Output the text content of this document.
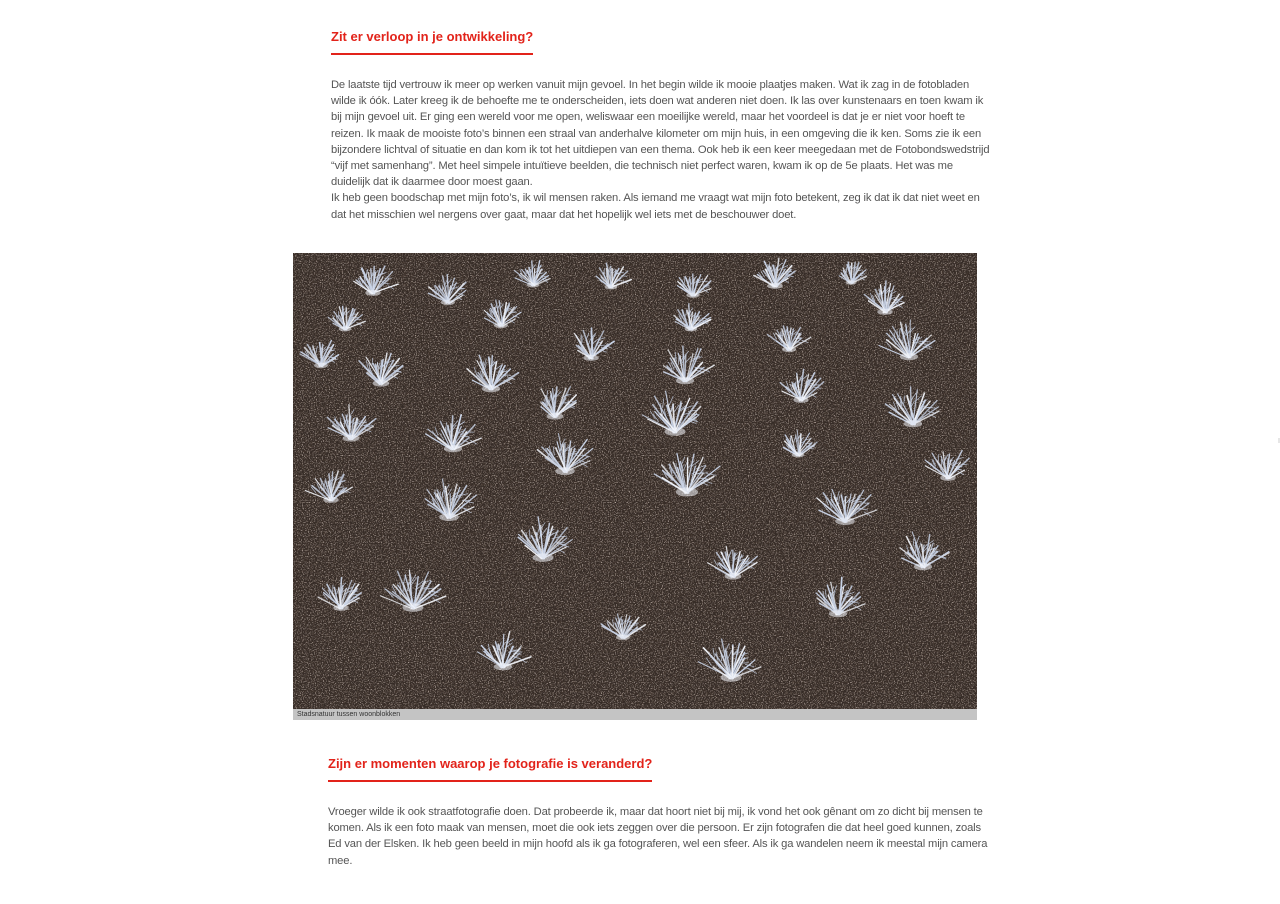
Zit er verloop in je ontwikkeling?

De laatste tijd vertrouw ik meer op werken vanuit mijn gevoel. In het begin wilde ik mooie plaatjes maken. Wat ik zag in de fotobladen wilde ik óók. Later kreeg ik de behoefte me te onderscheiden, iets doen wat anderen niet doen. Ik las over kunstenaars en toen kwam ik bij mijn gevoel uit. Er ging een wereld voor me open, weliswaar een moeilijke wereld, maar het voordeel is dat je er niet voor hoeft te reizen. Ik maak de mooiste foto’s binnen een straal van anderhalve kilometer om mijn huis, in een omgeving die ik ken. Soms zie ik een bijzondere lichtval of situatie en dan kom ik tot het uitdiepen van een thema. Ook heb ik een keer meegedaan met de Fotobondswedstrijd “vijf met samenhang”. Met heel simpele intuïtieve beelden, die technisch niet perfect waren, kwam ik op de 5e plaats. Het was me duidelijk dat ik daarmee door moest gaan.

Ik heb geen boodschap met mijn foto’s, ik wil mensen raken. Als iemand me vraagt wat mijn foto betekent, zeg ik dat ik dat niet weet en dat het misschien wel nergens over gaat, maar dat het hopelijk wel iets met de beschouwer doet.

Stadsnatuur tussen woonblokken
Zijn er momenten waarop je fotografie is veranderd?

Vroeger wilde ik ook straatfotografie doen. Dat probeerde ik, maar dat hoort niet bij mij, ik vond het ook gênant om zo dicht bij mensen te komen. Als ik een foto maak van mensen, moet die ook iets zeggen over die persoon. Er zijn fotografen die dat heel goed kunnen, zoals Ed van der Elsken. Ik heb geen beeld in mijn hoofd als ik ga fotograferen, wel een sfeer. Als ik ga wandelen neem ik meestal mijn camera mee.
